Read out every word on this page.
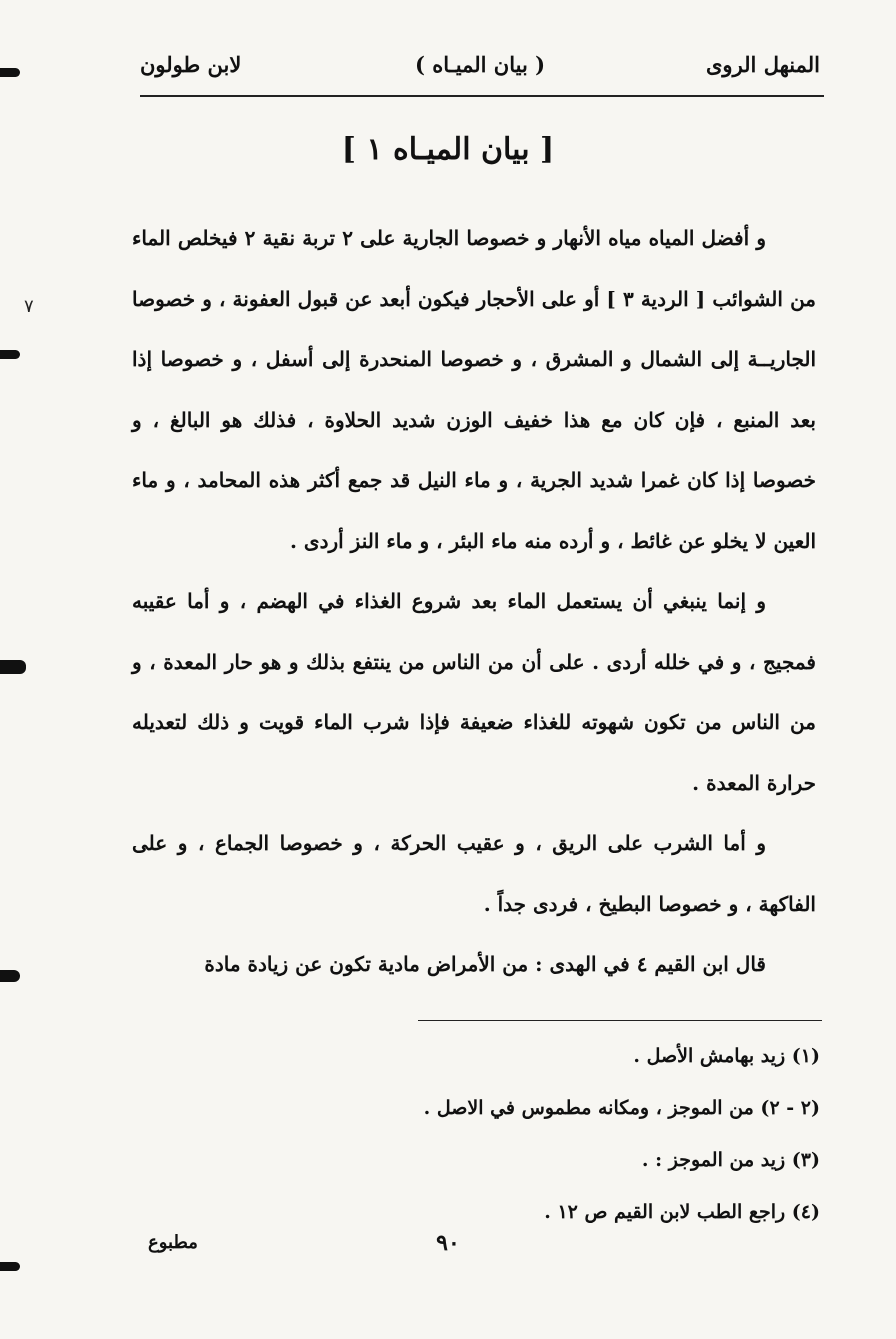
المنهل الروى
( بيان الميـاه )
لابن طولون
[ بيان الميـاه ١ ]

و أفضل المياه مياه الأنهار و خصوصا الجارية على ٢ تربة نقية ٢ فيخلص الماء من الشوائب [ الردية ٣ ] أو على الأحجار فيكون أبعد عن قبول العفونة ، و خصوصا الجاريــة إلى الشمال و المشرق ، و خصوصا المنحدرة إلى أسفل ، و خصوصا إذا بعد المنبع ، فإن كان مع هذا خفيف الوزن شديد الحلاوة ، فذلك هو البالغ ، و خصوصا إذا كان غمرا شديد الجرية ، و ماء النيل قد جمع أكثر هذه المحامد ، و ماء العين لا يخلو عن غائط ، و أرده منه ماء البئر ، و ماء النز أردى .

و إنما ينبغي أن يستعمل الماء بعد شروع الغذاء في الهضم ، و أما عقيبه فمجيج ، و في خلله أردى . على أن من الناس من ينتفع بذلك و هو حار المعدة ، و من الناس من تكون شهوته للغذاء ضعيفة فإذا شرب الماء قويت و ذلك لتعديله حرارة المعدة .

و أما الشرب على الريق ، و عقيب الحركة ، و خصوصا الجماع ، و على الفاكهة ، و خصوصا البطيخ ، فردى جداً .

قال ابن القيم ٤ في الهدى : من الأمراض مادية تكون عن زيادة مادة

(١) زيد بهامش الأصل .
(٢ - ٢) من الموجز ، ومكانه مطموس في الاصل .
(٣) زيد من الموجز : .
(٤) راجع الطب لابن القيم ص ١٢ .
٩٠
مطبوع
٧
